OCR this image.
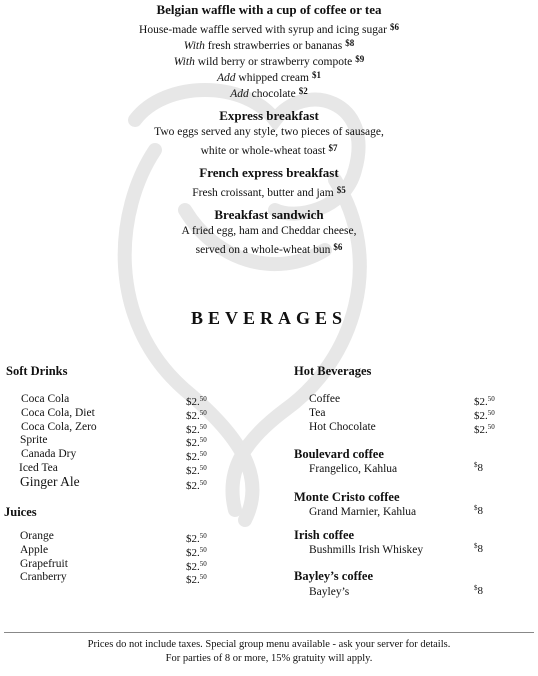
Belgian waffle with a cup of coffee or tea
House-made waffle served with syrup and icing sugar $^{\$6}$
With fresh strawberries or bananas $^{\$8}$
With wild berry or strawberry compote $^{\$9}$
Add whipped cream $^{\$1}$
Add chocolate $^{\$2}$
Express breakfast
Two eggs served any style, two pieces of sausage,
white or whole-wheat toast $^{\$7}$
French express breakfast
Fresh croissant, butter and jam $^{\$5}$
Breakfast sandwich
A fried egg, ham and Cheddar cheese,
served on a whole-wheat bun $^{\$6}$
BEVERAGES
Soft Drinks
Coca Cola	$2.50
Coca Cola, Diet	$2.50
Coca Cola, Zero	$2.50
Sprite	$2.50
Canada Dry	$2.50
Iced Tea	$2.50
Ginger Ale	$2.50
Juices
Orange	$2.50
Apple	$2.50
Grapefruit	$2.50
Cranberry	$2.50
Hot Beverages
Coffee	$2.50
Tea	$2.50
Hot Chocolate	$2.50
Boulevard coffee
Frangelico, Kahlua	$8
Monte Cristo coffee
Grand Marnier, Kahlua	$8
Irish coffee
Bushmills Irish Whiskey	$8
Bayley’s coffee
Bayley’s	$8
Prices do not include taxes. Special group menu available - ask your server for details.
For parties of 8 or more, 15% gratuity will apply.
